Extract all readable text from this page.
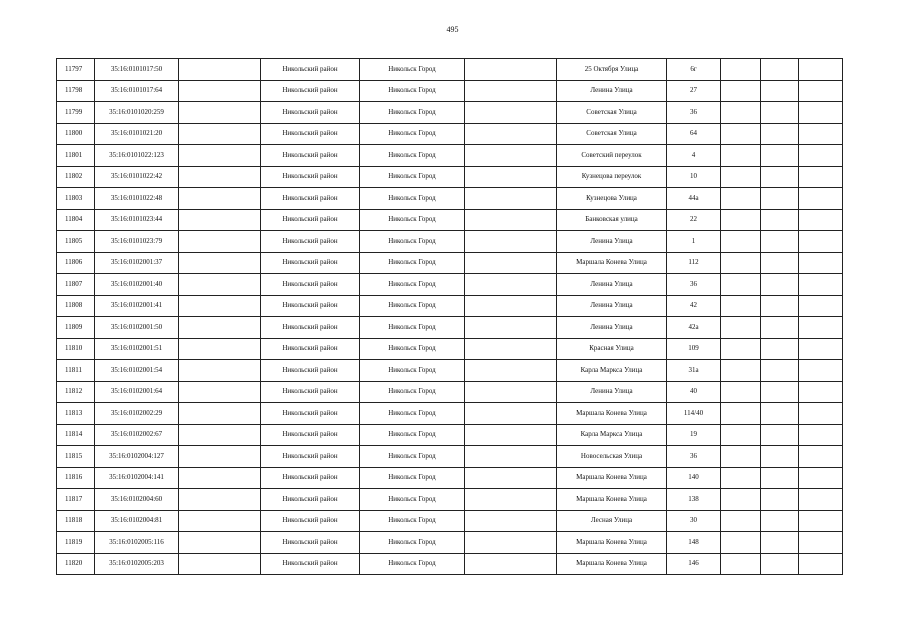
495
11797	35:16:0101017:50		Никольский район	Никольск Город		25 Октября Улица	6г			
11798	35:16:0101017:64		Никольский район	Никольск Город		Ленина Улица	27			
11799	35:16:0101020:259		Никольский район	Никольск Город		Советская Улица	36			
11800	35:16:0101021:20		Никольский район	Никольск Город		Советская Улица	64			
11801	35:16:0101022:123		Никольский район	Никольск Город		Советский переулок	4			
11802	35:16:0101022:42		Никольский район	Никольск Город		Кузнецова переулок	10			
11803	35:16:0101022:48		Никольский район	Никольск Город		Кузнецова Улица	44а			
11804	35:16:0101023:44		Никольский район	Никольск Город		Банковская улица	22			
11805	35:16:0101023:79		Никольский район	Никольск Город		Ленина Улица	1			
11806	35:16:0102001:37		Никольский район	Никольск Город		Маршала Конева Улица	112			
11807	35:16:0102001:40		Никольский район	Никольск Город		Ленина Улица	36			
11808	35:16:0102001:41		Никольский район	Никольск Город		Ленина Улица	42			
11809	35:16:0102001:50		Никольский район	Никольск Город		Ленина Улица	42а			
11810	35:16:0102001:51		Никольский район	Никольск Город		Красная Улица	109			
11811	35:16:0102001:54		Никольский район	Никольск Город		Карла Маркса Улица	31а			
11812	35:16:0102001:64		Никольский район	Никольск Город		Ленина Улица	40			
11813	35:16:0102002:29		Никольский район	Никольск Город		Маршала Конева Улица	114/40			
11814	35:16:0102002:67		Никольский район	Никольск Город		Карла Маркса Улица	19			
11815	35:16:0102004:127		Никольский район	Никольск Город		Новосельская Улица	36			
11816	35:16:0102004:141		Никольский район	Никольск Город		Маршала Конева Улица	140			
11817	35:16:0102004:60		Никольский район	Никольск Город		Маршала Конева Улица	138			
11818	35:16:0102004:81		Никольский район	Никольск Город		Лесная Улица	30			
11819	35:16:0102005:116		Никольский район	Никольск Город		Маршала Конева Улица	148			
11820	35:16:0102005:203		Никольский район	Никольск Город		Маршала Конева Улица	146			
